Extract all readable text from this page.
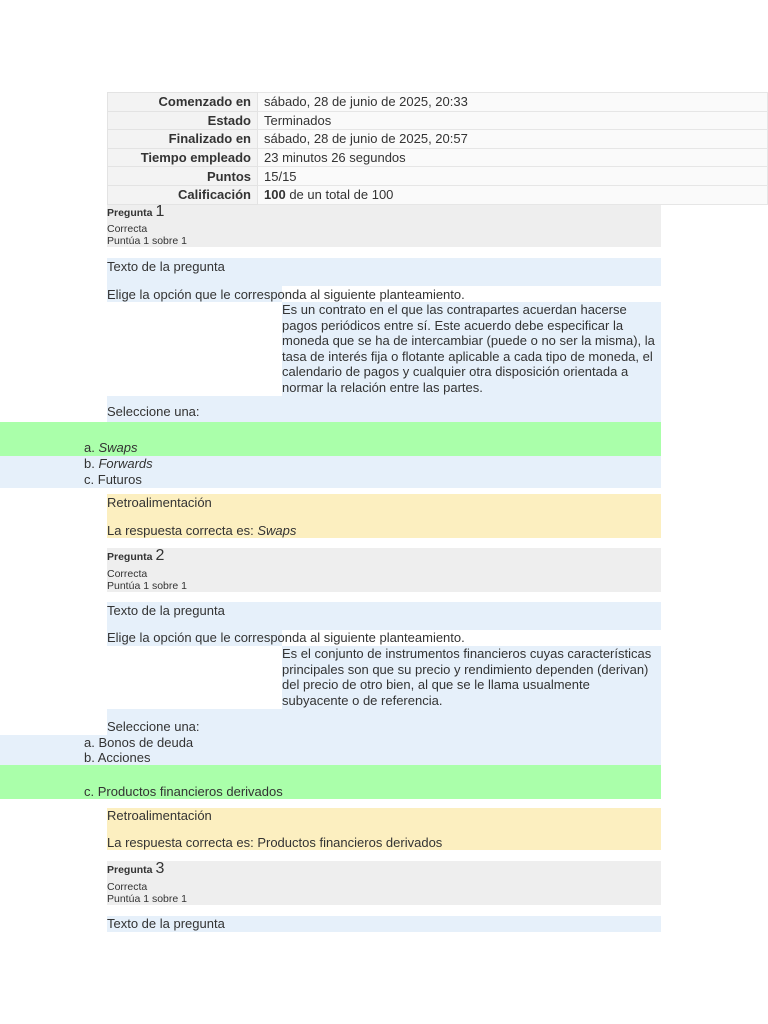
Comenzado en	sábado, 28 de junio de 2025, 20:33
Estado	Terminados
Finalizado en	sábado, 28 de junio de 2025, 20:57
Tiempo empleado	23 minutos 26 segundos
Puntos	15/15
Calificación	100 de un total de 100
Pregunta 1
Correcta
Puntúa 1 sobre 1
Texto de la pregunta
Elige la opción que le corresponda al siguiente planteamiento.
Es un contrato en el que las contrapartes acuerdan hacerse
pagos periódicos entre sí. Este acuerdo debe especificar la
moneda que se ha de intercambiar (puede o no ser la misma), la
tasa de interés fija o flotante aplicable a cada tipo de moneda, el
calendario de pagos y cualquier otra disposición orientada a
normar la relación entre las partes.
Seleccione una:
a. Swaps
b. Forwards
c. Futuros
Retroalimentación
La respuesta correcta es: Swaps
Pregunta 2
Correcta
Puntúa 1 sobre 1
Texto de la pregunta
Elige la opción que le corresponda al siguiente planteamiento.
Es el conjunto de instrumentos financieros cuyas características
principales son que su precio y rendimiento dependen (derivan)
del precio de otro bien, al que se le llama usualmente
subyacente o de referencia.
Seleccione una:
a. Bonos de deuda
b. Acciones
c. Productos financieros derivados
Retroalimentación
La respuesta correcta es: Productos financieros derivados
Pregunta 3
Correcta
Puntúa 1 sobre 1
Texto de la pregunta
